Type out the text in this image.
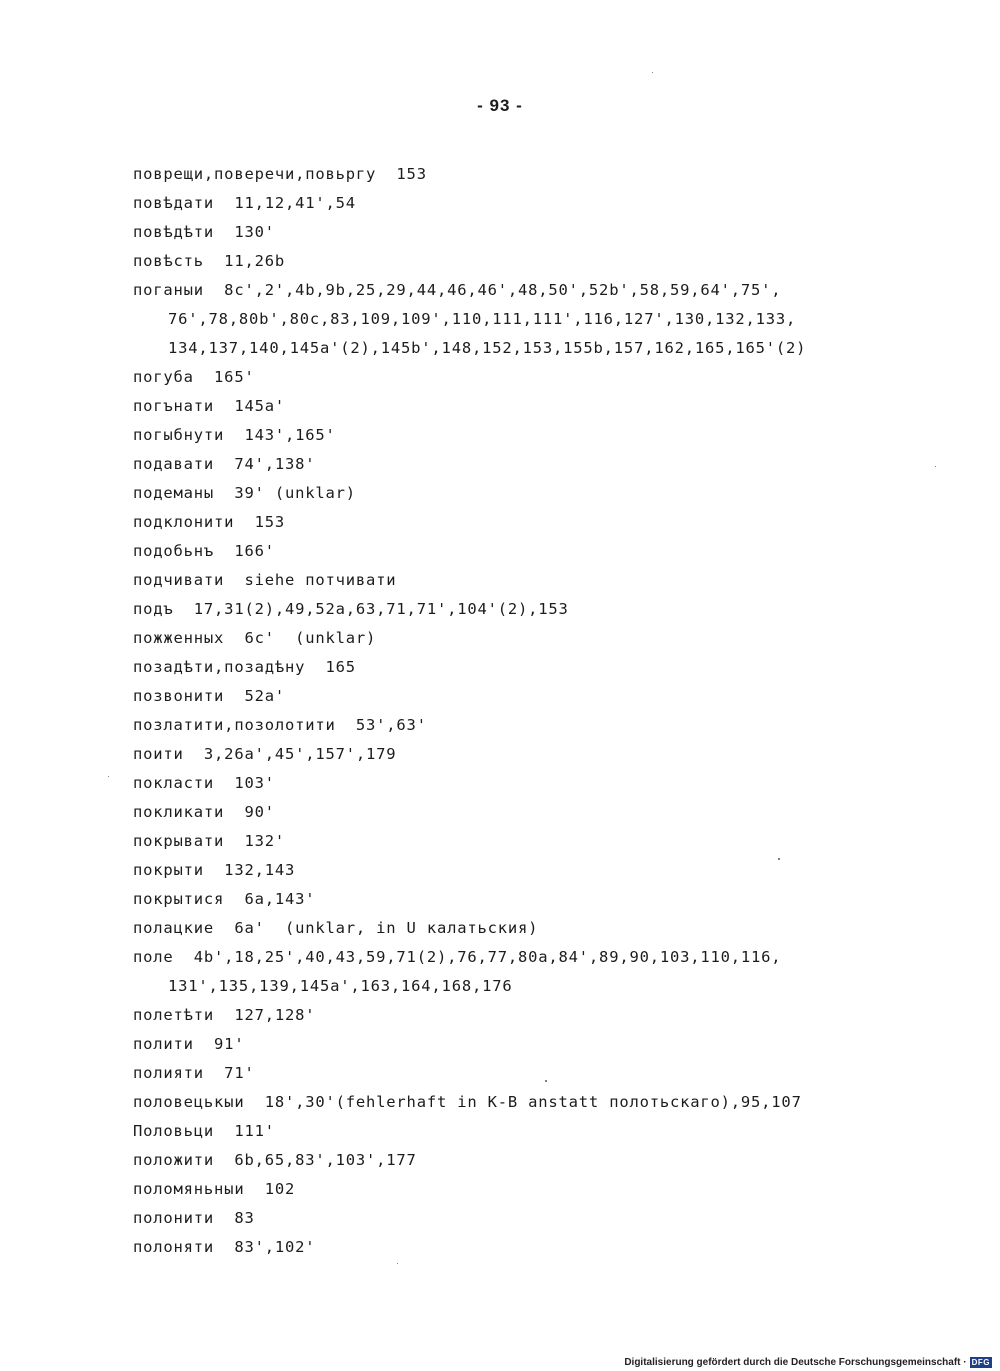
- 93 -
поврещи,поверечи,повьргу  153
повѣдати  11,12,41',54
повѣдѣти  130'
повѣсть  11,26b
поганыи  8c',2',4b,9b,25,29,44,46,46',48,50',52b',58,59,64',75',
76',78,80b',80c,83,109,109',110,111,111',116,127',130,132,133,
134,137,140,145a'(2),145b',148,152,153,155b,157,162,165,165'(2)
погуба  165'
погънати  145a'
погыбнути  143',165'
подавати  74',138'
подеманы  39' (unklar)
подклонити  153
подобьнъ  166'
подчивати  siehe потчивати
подъ  17,31(2),49,52a,63,71,71',104'(2),153
пожженных  6c'  (unklar)
позадѣти,позадѣну  165
позвонити  52a'
позлатити,позолотити  53',63'
поити  3,26a',45',157',179
покласти  103'
покликати  90'
покрывати  132'
покрыти  132,143
покрытися  6a,143'
полацкие  6a'  (unklar, in U калатьския)
поле  4b',18,25',40,43,59,71(2),76,77,80a,84',89,90,103,110,116,
131',135,139,145a',163,164,168,176
полетѣти  127,128'
полити  91'
полияти  71'
половецькыи  18',30'(fehlerhaft in K-B anstatt полотьскаго),95,107
Половьци  111'
положити  6b,65,83',103',177
поломяньныи  102
полонити  83
полоняти  83',102'
Digitalisierung gefördert durch die Deutsche Forschungsgemeinschaft · DFG
